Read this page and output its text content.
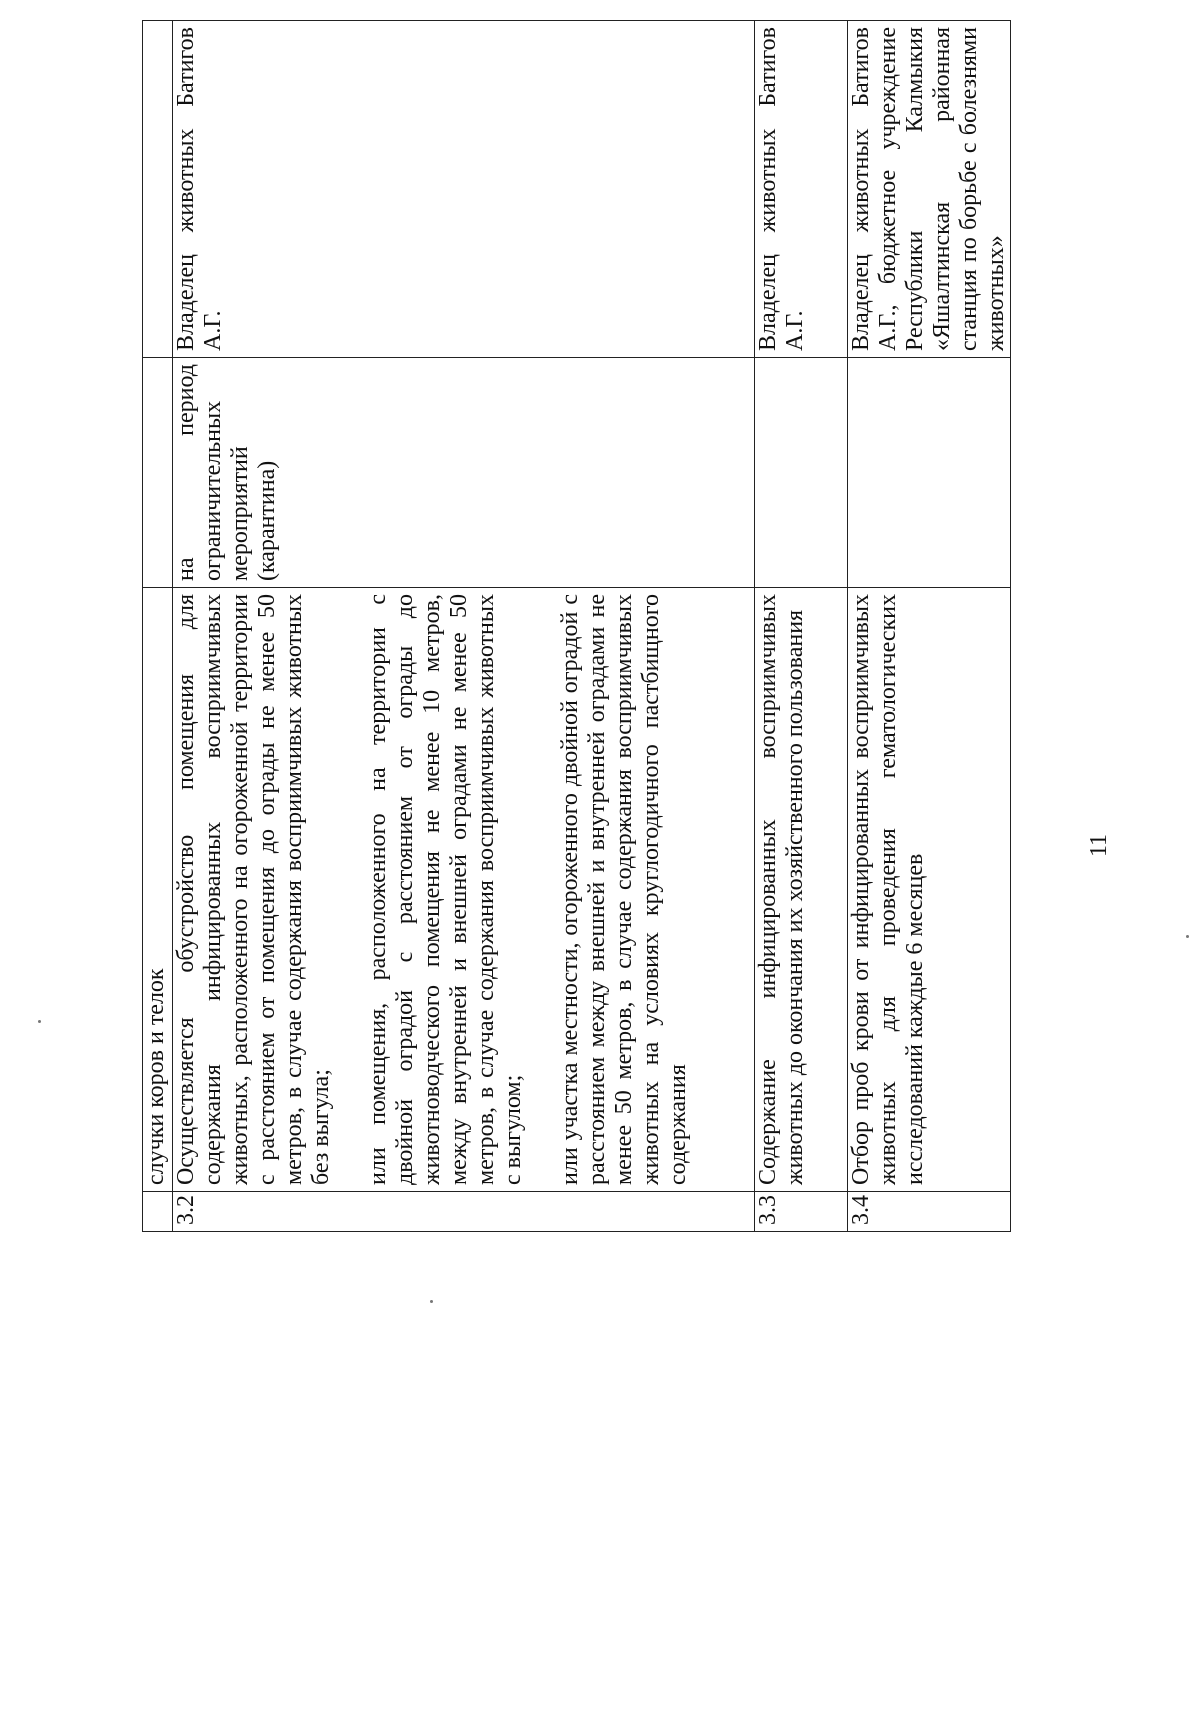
	случки коров и телок		
3.2	Осуществляется обустройство помещения для содержания инфицированных восприимчивых животных, расположенного на огороженной территории с расстоянием от помещения до ограды не менее 50 метров, в случае содержания восприимчивых животных без выгула; или помещения, расположенного на территории с двойной оградой с расстоянием от ограды до животноводческого помещения не менее 10 метров, между внутренней и внешней оградами не менее 50 метров, в случае содержания восприимчивых животных с выгулом; или участка местности, огороженного двойной оградой с расстоянием между внешней и внутренней оградами не менее 50 метров, в случае содержания восприимчивых животных на условиях круглогодичного пастбищного содержания	на период ограничительных мероприятий (карантина)	Владелец животных Батигов А.Г.

3.3	Содержание инфицированных восприимчивых животных до окончания их хозяйственного пользования		Владелец животных Батигов А.Г.

3.4	Отбор проб крови от инфицированных восприимчивых животных для проведения гематологических исследований каждые 6 месяцев		Владелец животных Батигов А.Г., бюджетное учреждение Республики Калмыкия «Яшалтинская районная станция по борьбе с болезнями животных»

11
